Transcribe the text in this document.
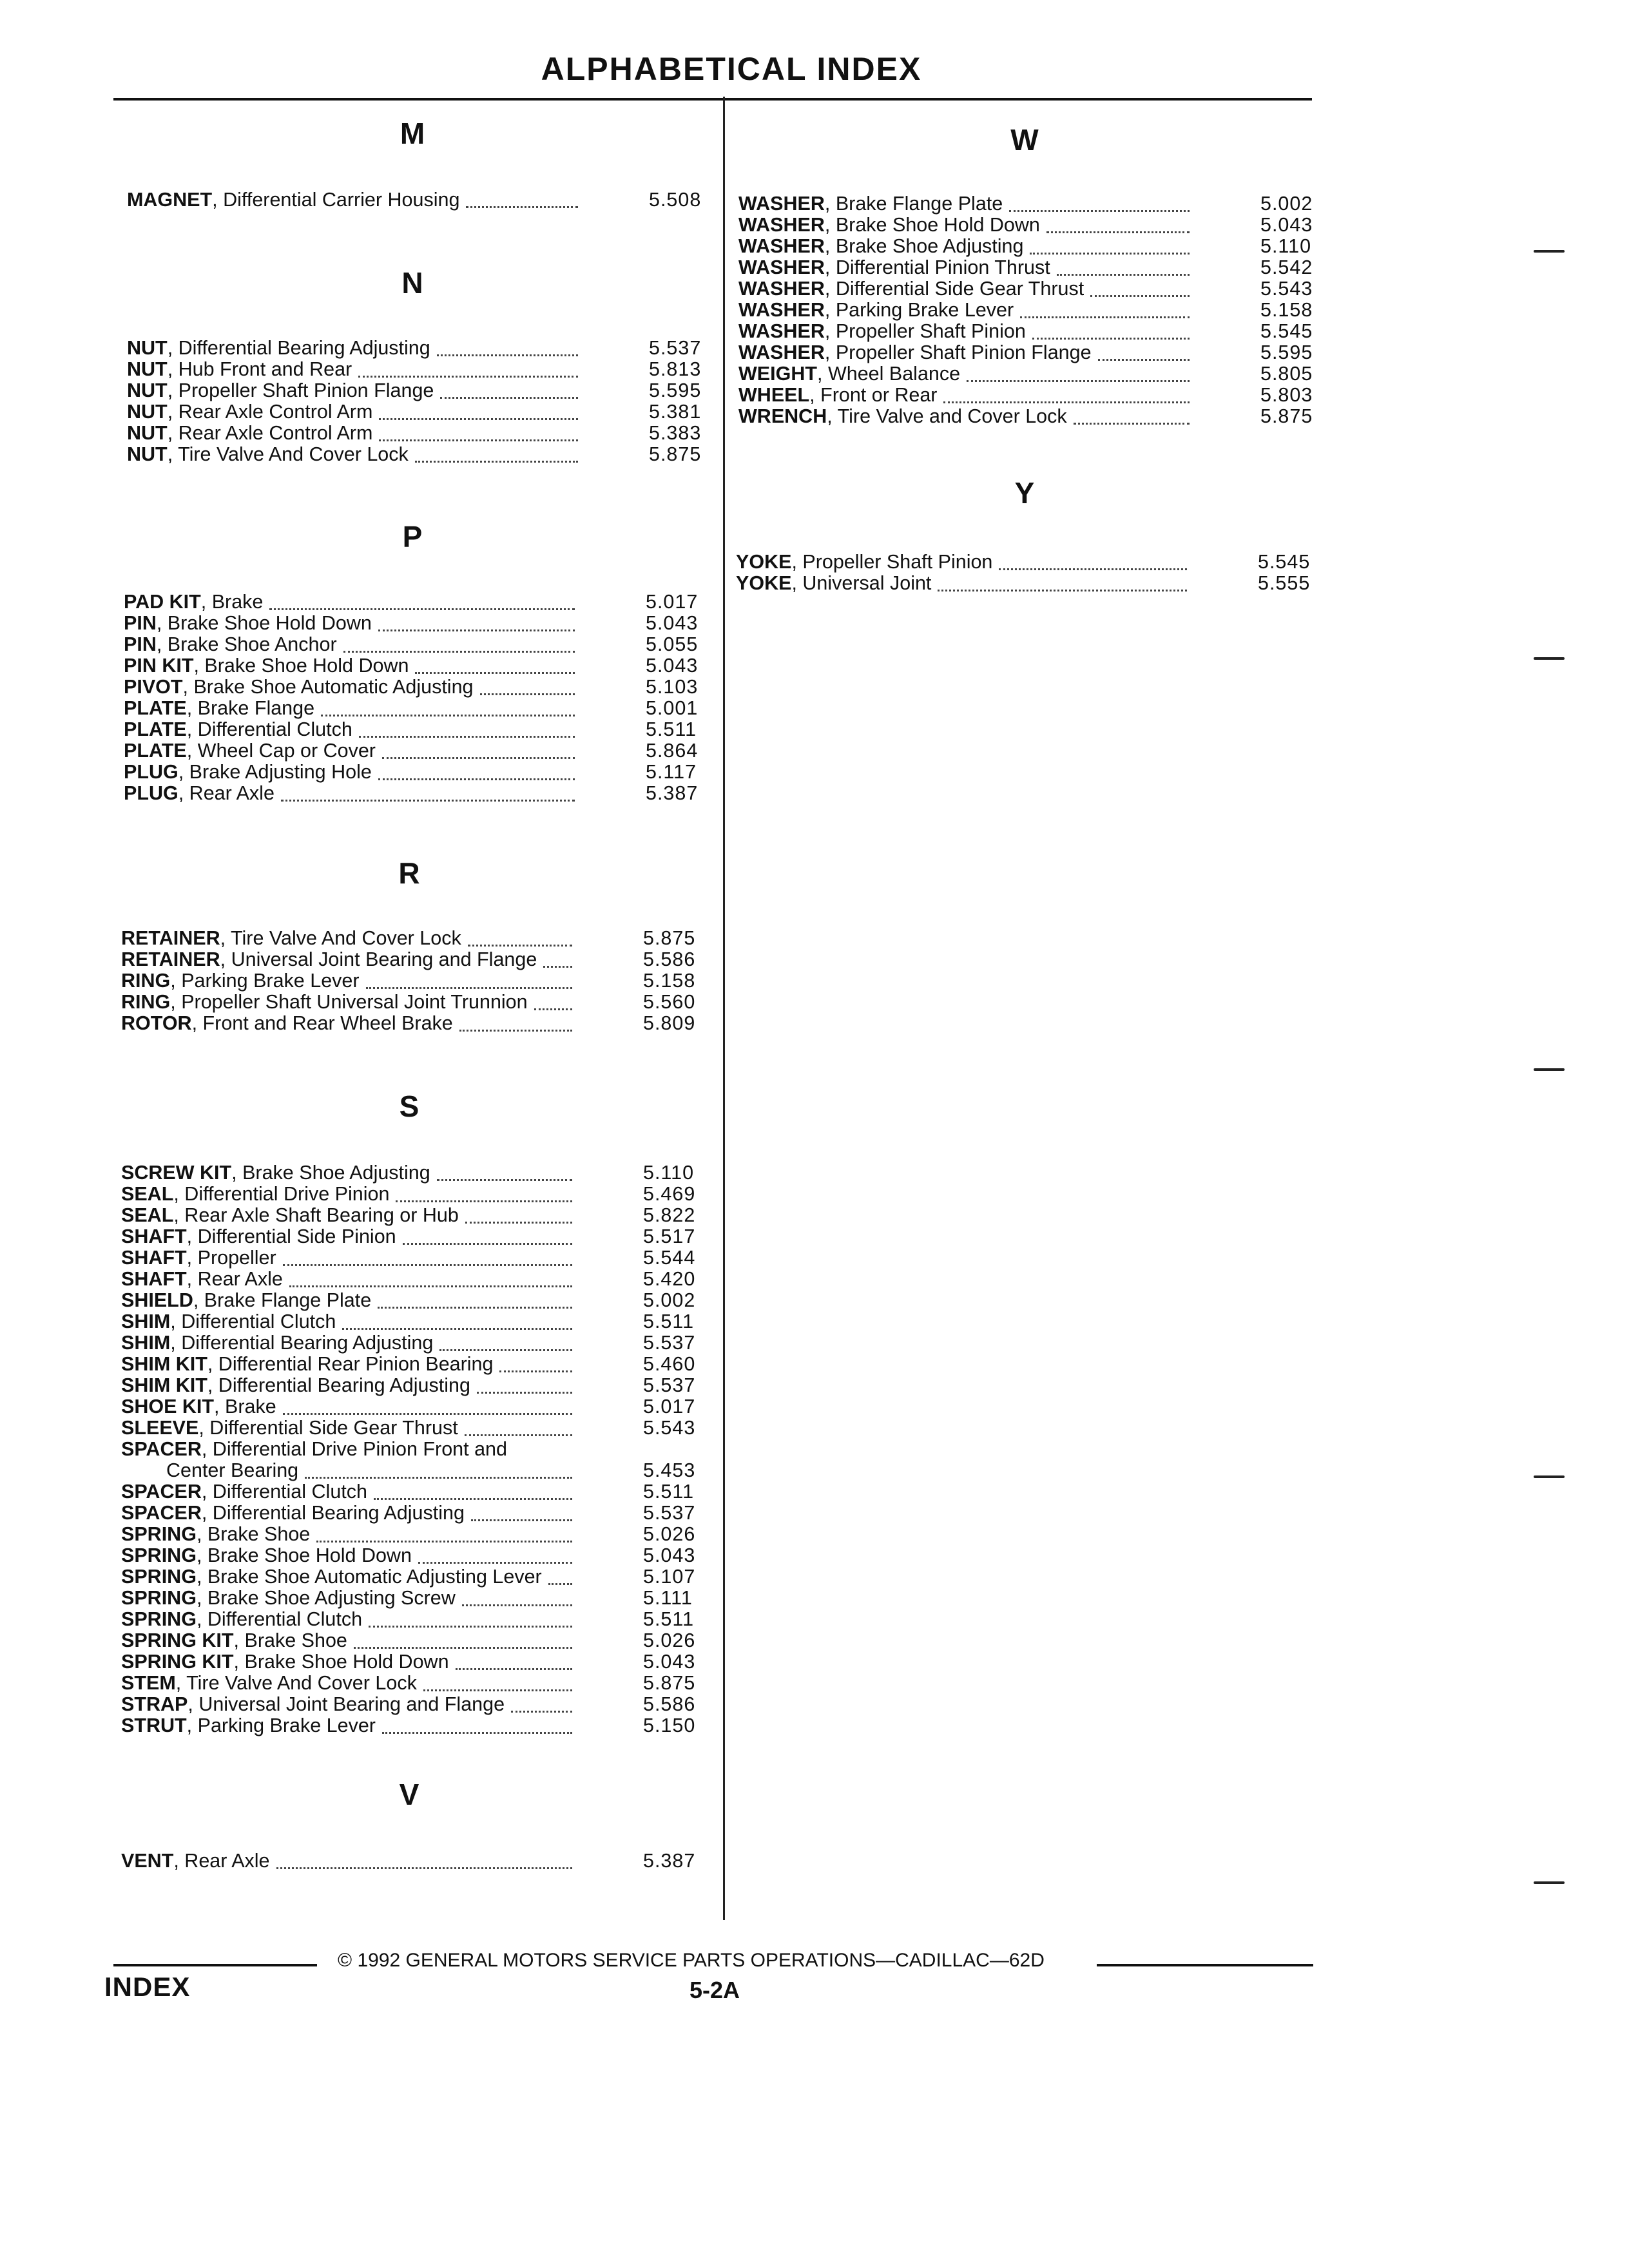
ALPHABETICAL INDEX
M
MAGNET, Differential Carrier Housing	5.508
N
NUT, Differential Bearing Adjusting	5.537
NUT, Hub Front and Rear	5.813
NUT, Propeller Shaft Pinion Flange	5.595
NUT, Rear Axle Control Arm	5.381
NUT, Rear Axle Control Arm	5.383
NUT, Tire Valve And Cover Lock	5.875
P
PAD KIT, Brake	5.017
PIN, Brake Shoe Hold Down	5.043
PIN, Brake Shoe Anchor	5.055
PIN KIT, Brake Shoe Hold Down	5.043
PIVOT, Brake Shoe Automatic Adjusting	5.103
PLATE, Brake Flange	5.001
PLATE, Differential Clutch	5.511
PLATE, Wheel Cap or Cover	5.864
PLUG, Brake Adjusting Hole	5.117
PLUG, Rear Axle	5.387
R
RETAINER, Tire Valve And Cover Lock	5.875
RETAINER, Universal Joint Bearing and Flange	5.586
RING, Parking Brake Lever	5.158
RING, Propeller Shaft Universal Joint Trunnion	5.560
ROTOR, Front and Rear Wheel Brake	5.809
S
SCREW KIT, Brake Shoe Adjusting	5.110
SEAL, Differential Drive Pinion	5.469
SEAL, Rear Axle Shaft Bearing or Hub	5.822
SHAFT, Differential Side Pinion	5.517
SHAFT, Propeller	5.544
SHAFT, Rear Axle	5.420
SHIELD, Brake Flange Plate	5.002
SHIM, Differential Clutch	5.511
SHIM, Differential Bearing Adjusting	5.537
SHIM KIT, Differential Rear Pinion Bearing	5.460
SHIM KIT, Differential Bearing Adjusting	5.537
SHOE KIT, Brake	5.017
SLEEVE, Differential Side Gear Thrust	5.543
SPACER, Differential Drive Pinion Front and
Center Bearing	5.453
SPACER, Differential Clutch	5.511
SPACER, Differential Bearing Adjusting	5.537
SPRING, Brake Shoe	5.026
SPRING, Brake Shoe Hold Down	5.043
SPRING, Brake Shoe Automatic Adjusting Lever	5.107
SPRING, Brake Shoe Adjusting Screw	5.111
SPRING, Differential Clutch	5.511
SPRING KIT, Brake Shoe	5.026
SPRING KIT, Brake Shoe Hold Down	5.043
STEM, Tire Valve And Cover Lock	5.875
STRAP, Universal Joint Bearing and Flange	5.586
STRUT, Parking Brake Lever	5.150
V
VENT, Rear Axle	5.387
W
WASHER, Brake Flange Plate	5.002
WASHER, Brake Shoe Hold Down	5.043
WASHER, Brake Shoe Adjusting	5.110
WASHER, Differential Pinion Thrust	5.542
WASHER, Differential Side Gear Thrust	5.543
WASHER, Parking Brake Lever	5.158
WASHER, Propeller Shaft Pinion	5.545
WASHER, Propeller Shaft Pinion Flange	5.595
WEIGHT, Wheel Balance	5.805
WHEEL, Front or Rear	5.803
WRENCH, Tire Valve and Cover Lock	5.875
Y
YOKE, Propeller Shaft Pinion	5.545
YOKE, Universal Joint	5.555
© 1992 GENERAL MOTORS SERVICE PARTS OPERATIONS—CADILLAC—62D
INDEX	5-2A
